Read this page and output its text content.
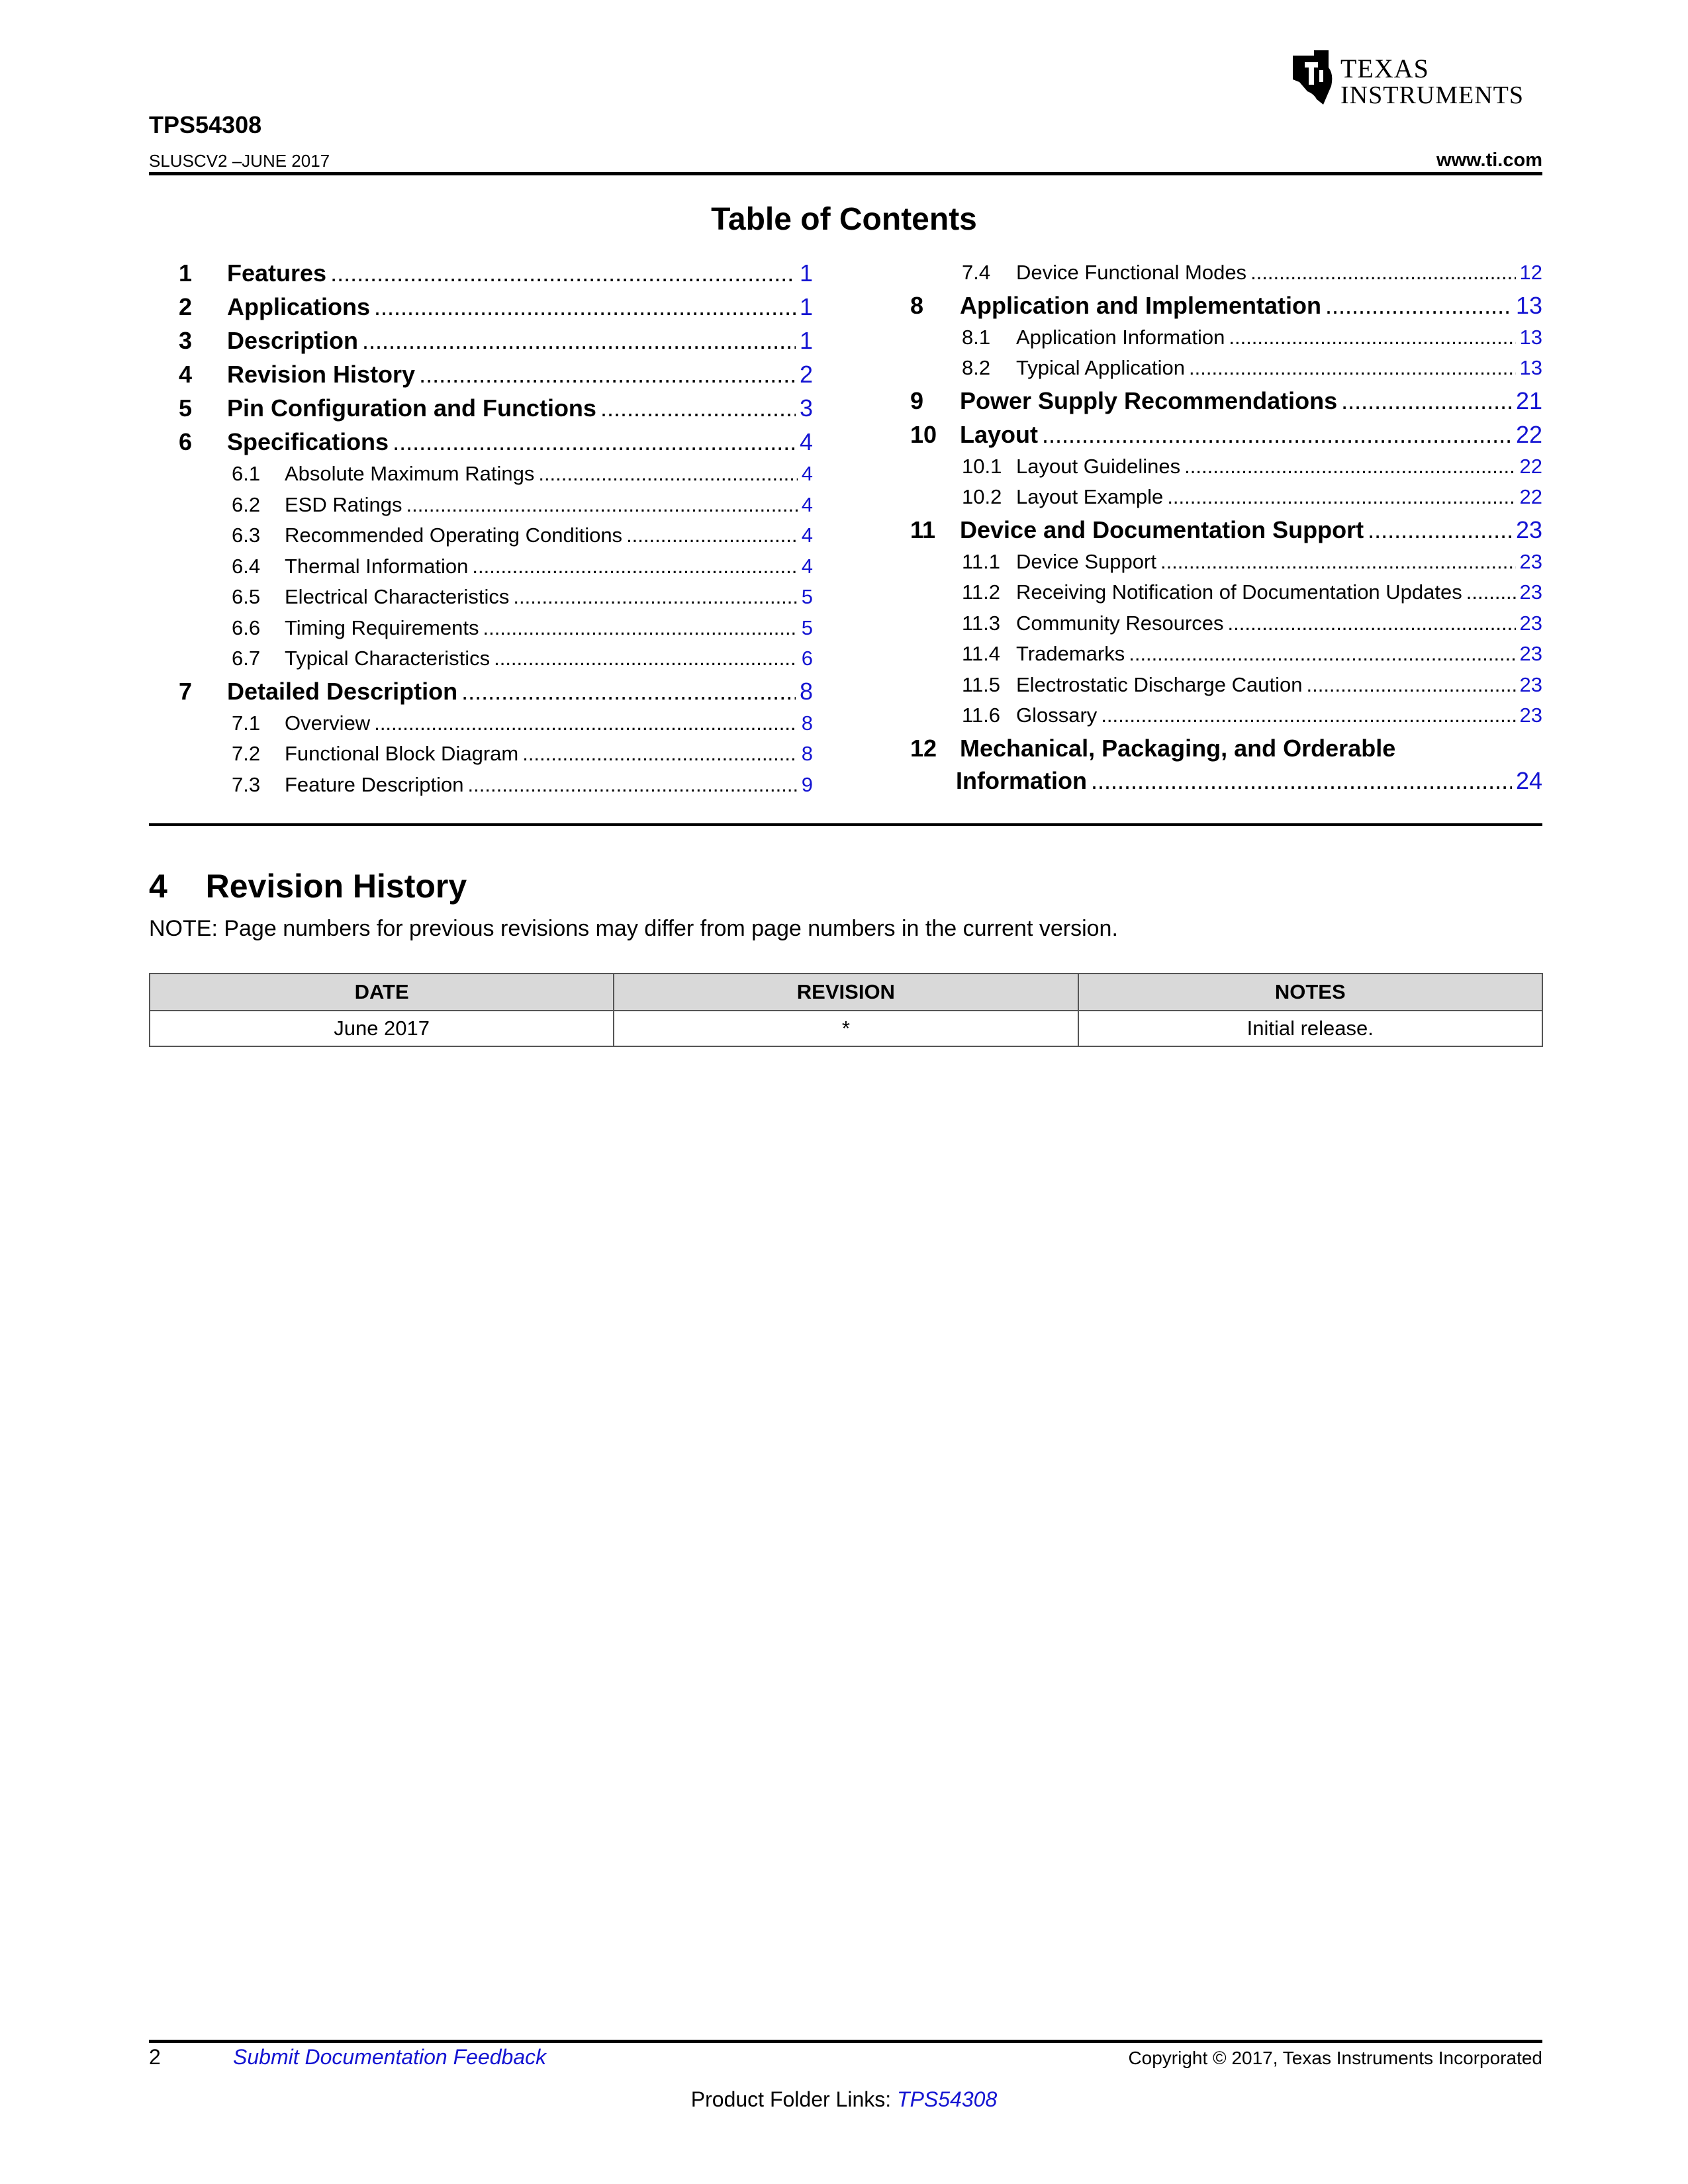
TEXAS
INSTRUMENTS
TPS54308
SLUSCV2 –JUNE 2017	www.ti.com
Table of Contents
1	Features .....	1
2	Applications .....	1
3	Description .....	1
4	Revision History .....	2
5	Pin Configuration and Functions .....	3
6	Specifications .....	4
6.1	Absolute Maximum Ratings .....	4
6.2	ESD Ratings .....	4
6.3	Recommended Operating Conditions .....	4
6.4	Thermal Information .....	4
6.5	Electrical Characteristics .....	5
6.6	Timing Requirements .....	5
6.7	Typical Characteristics .....	6
7	Detailed Description .....	8
7.1	Overview .....	8
7.2	Functional Block Diagram .....	8
7.3	Feature Description .....	9
7.4	Device Functional Modes .....	12
8	Application and Implementation .....	13
8.1	Application Information .....	13
8.2	Typical Application .....	13
9	Power Supply Recommendations .....	21
10 Layout .....	22
10.1 Layout Guidelines .....	22
10.2 Layout Example .....	22
11	Device and Documentation Support .....	23
11.1 Device Support .....	23
11.2 Receiving Notification of Documentation Updates .....	23
11.3 Community Resources .....	23
11.4 Trademarks .....	23
11.5 Electrostatic Discharge Caution .....	23
11.6 Glossary .....	23
12 Mechanical, Packaging, and Orderable
Information .....	24
4 Revision History
NOTE: Page numbers for previous revisions may differ from page numbers in the current version.
DATE	REVISION	NOTES
June 2017	*	Initial release.
2	Submit Documentation Feedback	Copyright © 2017, Texas Instruments Incorporated
Product Folder Links: TPS54308
